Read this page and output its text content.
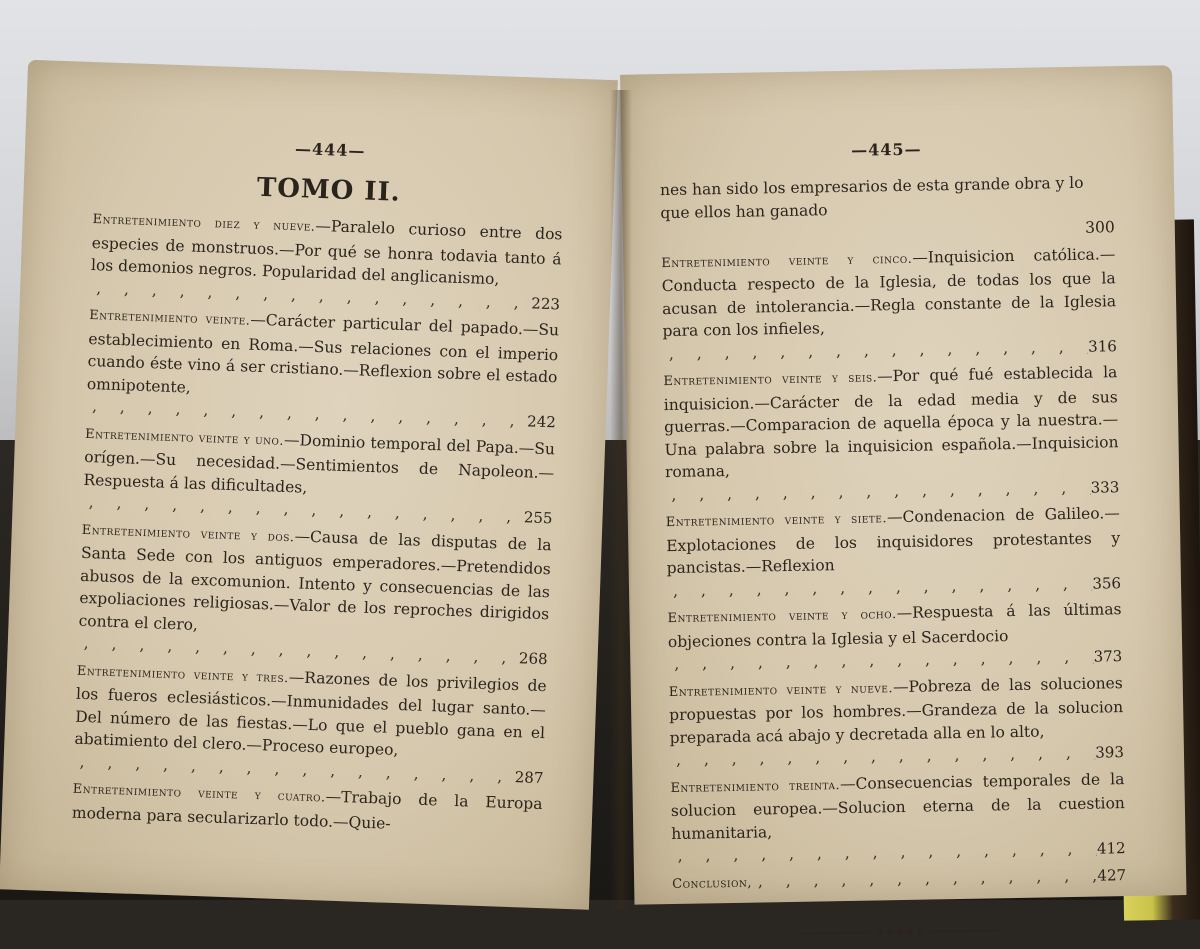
—444—
TOMO II.
Entretenimiento diez y nueve.—Paralelo curioso entre dos especies de monstruos.—Por qué se honra todavia tanto á los demonios negros. Popularidad del anglicanismo,
, , , , , , , , , , , , , , , , , , , , , , , , , , , ,
223
Entretenimiento veinte.—Carácter particular del papado.—Su establecimiento en Roma.—Sus relaciones con el imperio cuando éste vino á ser cristiano.—Reflexion sobre el estado omnipotente,
, , , , , , , , , , , , , , , , , , , , , , , , , , , ,
242
Entretenimiento veinte y uno.—Dominio temporal del Papa.—Su orígen.—Su necesidad.—Sentimientos de Napoleon.—Respuesta á las dificultades,
, , , , , , , , , , , , , , , , , , , , , , , , , , , ,
255
Entretenimiento veinte y dos.—Causa de las disputas de la Santa Sede con los antiguos emperadores.—Pretendidos abusos de la excomunion. Intento y consecuencias de las expoliaciones religiosas.—Valor de los reproches dirigidos contra el clero,
, , , , , , , , , , , , , , , , , , , , , , , , , , , ,
268
Entretenimiento veinte y tres.—Razones de los privilegios de los fueros eclesiásticos.—Inmunidades del lugar santo.—Del número de las fiestas.—Lo que el pueblo gana en el abatimiento del clero.—Proceso europeo,
, , , , , , , , , , , , , , , , , , , , , , , , , , , ,
287
Entretenimiento veinte y cuatro.—Trabajo de la Europa moderna para secularizarlo todo.—Quie-
—445—
nes han sido los empresarios de esta grande obra y lo que ellos han ganado
300
Entretenimiento veinte y cinco.—Inquisicion católica.—Conducta respecto de la Iglesia, de todas los que la acusan de intolerancia.—Regla constante de la Iglesia para con los infieles,
, , , , , , , , , , , , , , , , , , , , , , , , , , , ,
316
Entretenimiento veinte y seis.—Por qué fué establecida la inquisicion.—Carácter de la edad media y de sus guerras.—Comparacion de aquella época y la nuestra.—Una palabra sobre la inquisicion española.—Inquisicion romana,
, , , , , , , , , , , , , , , , , , , , , , , , , , , ,
333
Entretenimiento veinte y siete.—Condenacion de Galileo.—Explotaciones de los inquisidores protestantes y pancistas.—Reflexion
, , , , , , , , , , , , , , , , , , , , , , , , , , , ,
356
Entretenimiento veinte y ocho.—Respuesta á las últimas objeciones contra la Iglesia y el Sacerdocio
, , , , , , , , , , , , , , , , , , , , , , , , , , , ,
373
Entretenimiento veinte y nueve.—Pobreza de las soluciones propuestas por los hombres.—Grandeza de la solucion preparada acá abajo y decretada alla en lo alto,
, , , , , , , , , , , , , , , , , , , , , , , , , , , ,
393
Entretenimiento treinta.—Consecuencias temporales de la solucion europea.—Solucion eterna de la cuestion humanitaria,
, , , , , , , , , , , , , , , , , , , , , , , , , , , ,
412
Conclusion,
, , , , , , , , , , , , , , , , , , , , , , , , , , , ,	427
